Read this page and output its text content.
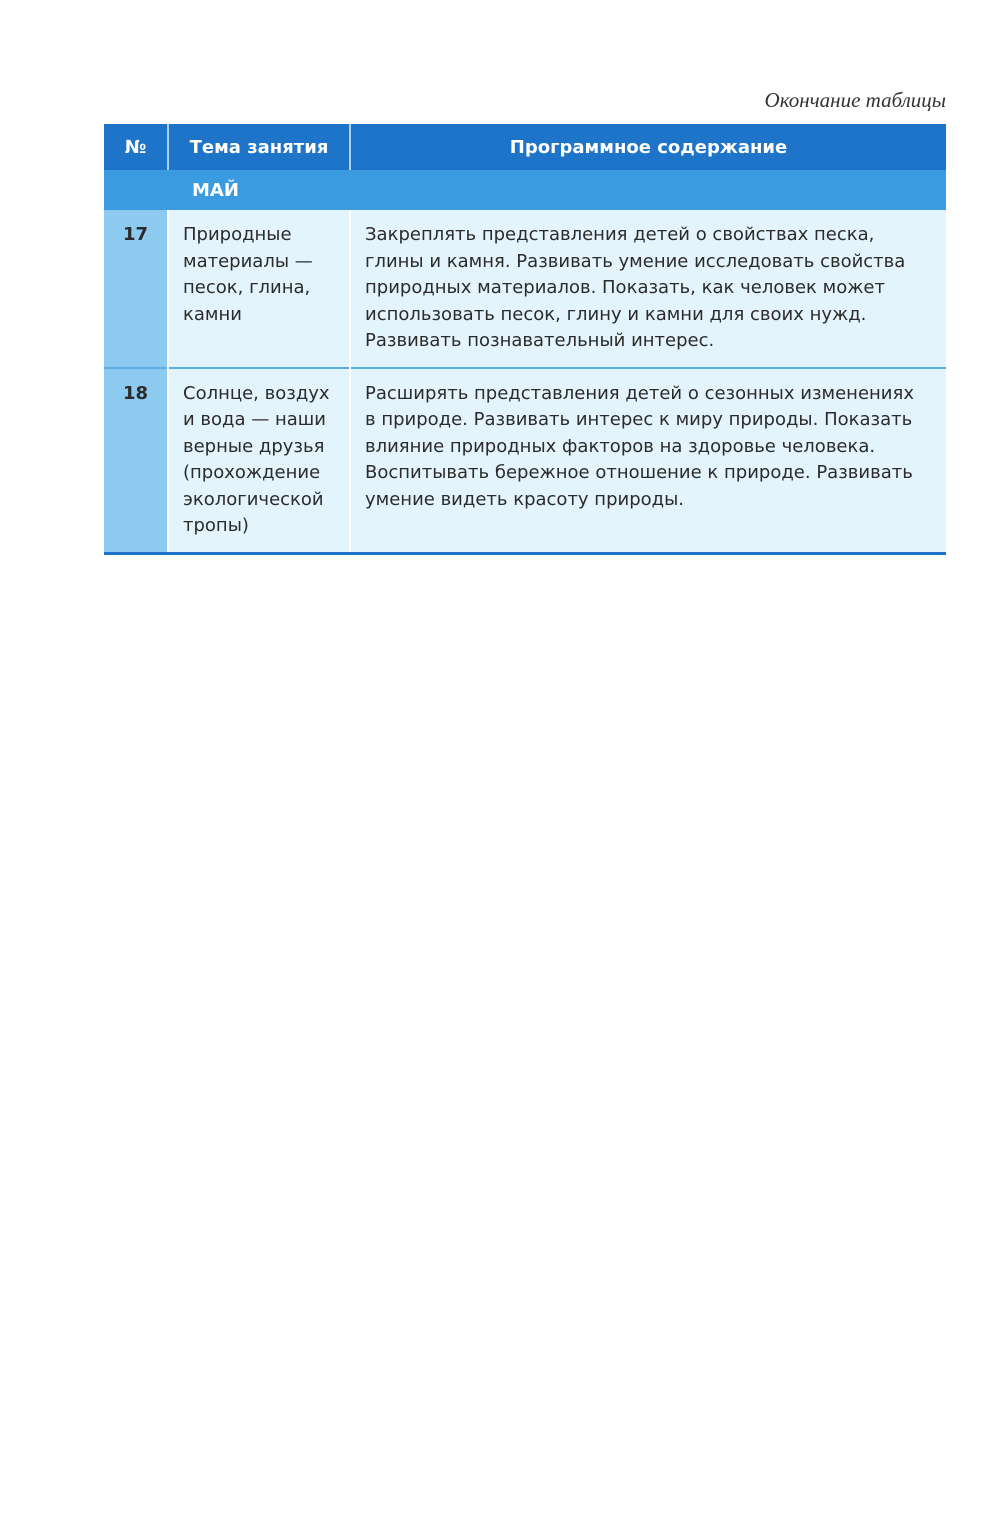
Окончание таблицы
№	Тема занятия	Программное содержание
	МАЙ	
17	Природные материалы — песок, глина, камни	Закреплять представления детей о свойствах песка, глины и камня. Развивать умение исследовать свойства природных материалов. Показать, как человек может использовать песок, глину и камни для своих нужд. Развивать познавательный интерес.
18	Солнце, воздух и вода — наши верные друзья (прохождение экологической тропы)	Расширять представления детей о сезонных изменениях в природе. Развивать интерес к миру природы. Показать влияние природных факторов на здоровье человека. Воспитывать бережное отношение к природе. Развивать умение видеть красоту природы.
